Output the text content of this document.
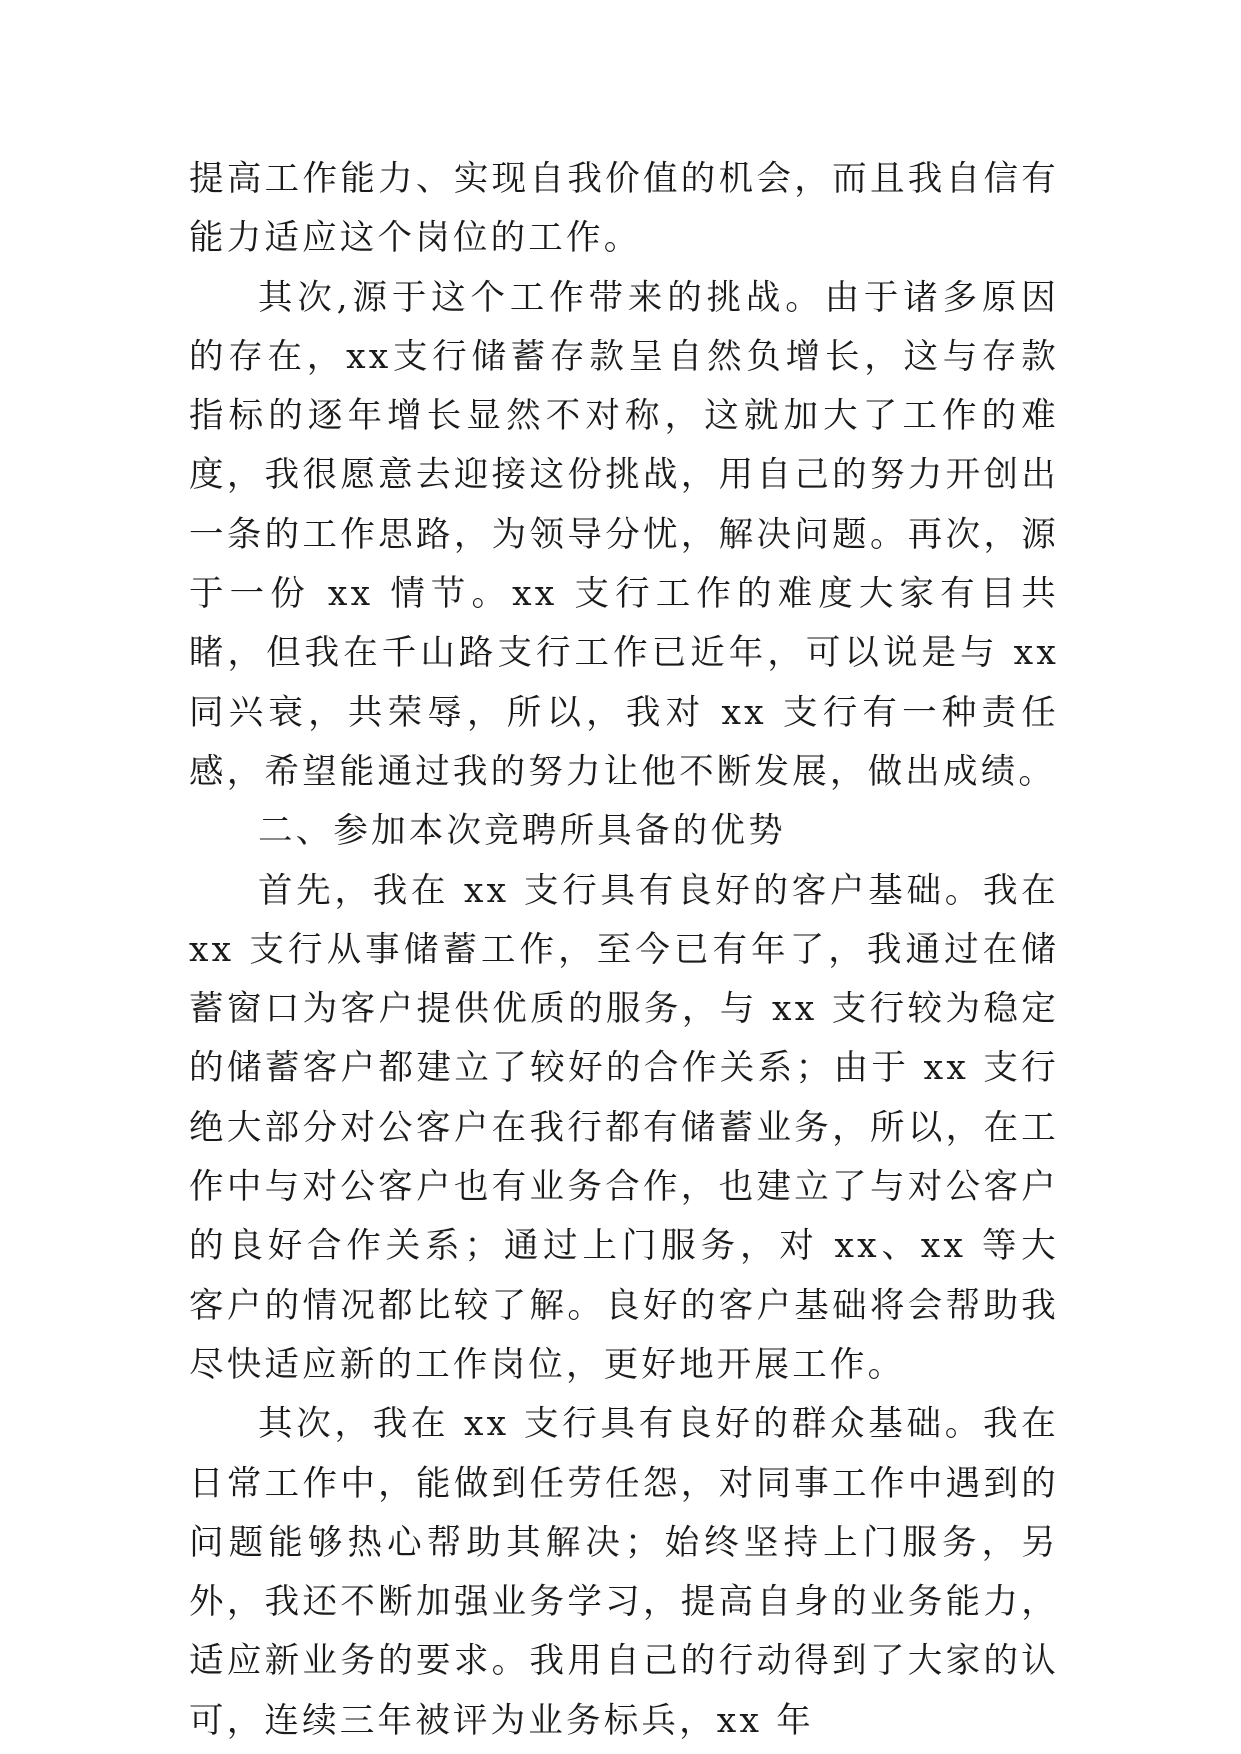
提高工作能力、实现自我价值的机会，而且我自信有能力适应这个岗位的工作。

其次,源于这个工作带来的挑战。由于诸多原因的存在，xx支行储蓄存款呈自然负增长，这与存款指标的逐年增长显然不对称，这就加大了工作的难度，我很愿意去迎接这份挑战，用自己的努力开创出一条的工作思路，为领导分忧，解决问题。再次，源于一份 xx 情节。xx 支行工作的难度大家有目共睹，但我在千山路支行工作已近年，可以说是与 xx 同兴衰，共荣辱，所以，我对 xx 支行有一种责任感，希望能通过我的努力让他不断发展，做出成绩。

二、参加本次竞聘所具备的优势

首先，我在 xx 支行具有良好的客户基础。我在 xx 支行从事储蓄工作，至今已有年了，我通过在储蓄窗口为客户提供优质的服务，与 xx 支行较为稳定的储蓄客户都建立了较好的合作关系；由于 xx 支行绝大部分对公客户在我行都有储蓄业务，所以，在工作中与对公客户也有业务合作，也建立了与对公客户的良好合作关系；通过上门服务，对 xx、xx 等大客户的情况都比较了解。良好的客户基础将会帮助我尽快适应新的工作岗位，更好地开展工作。

其次，我在 xx 支行具有良好的群众基础。我在日常工作中，能做到任劳任怨，对同事工作中遇到的问题能够热心帮助其解决；始终坚持上门服务，另外，我还不断加强业务学习，提高自身的业务能力，适应新业务的要求。我用自己的行动得到了大家的认可，连续三年被评为业务标兵，xx 年
